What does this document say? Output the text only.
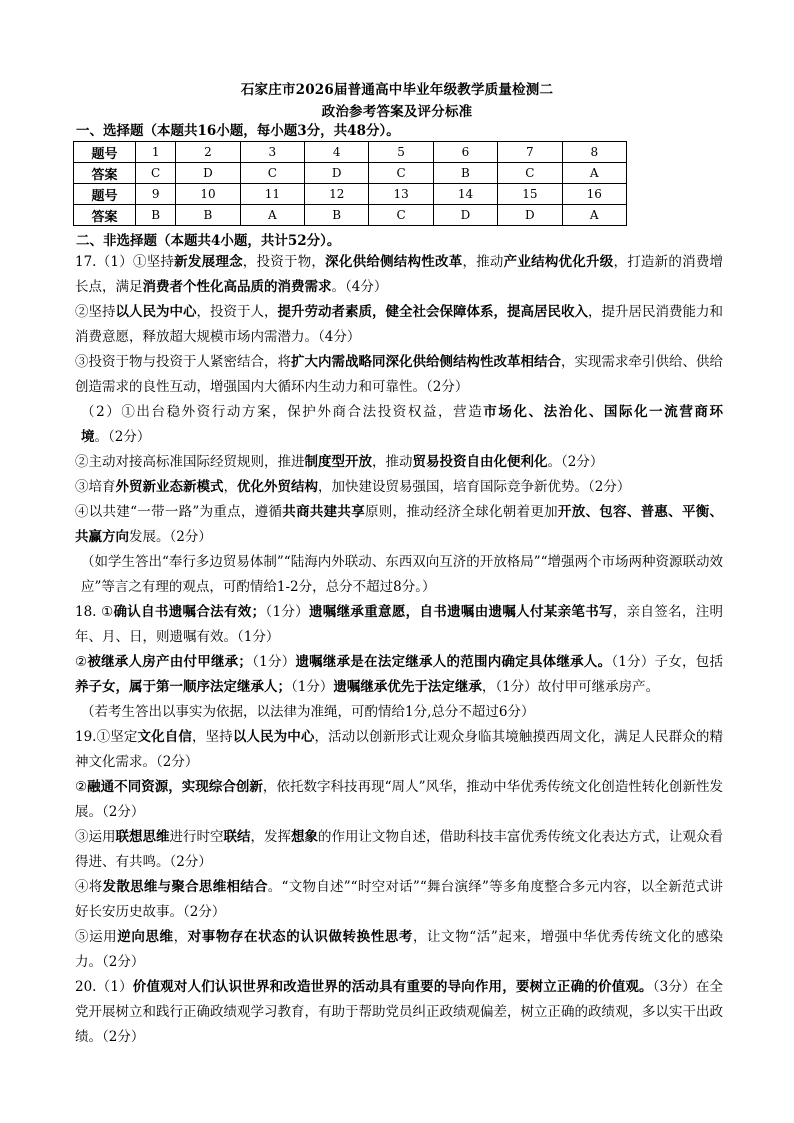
石家庄市2026届普通高中毕业年级教学质量检测二
政治参考答案及评分标准
一、选择题（本题共16小题，每小题3分，共48分）。
题号	1	2	3	4	5	6	7	8
答案	C	D	C	D	C	B	C	A
题号	9	10	11	12	13	14	15	16
答案	B	B	A	B	C	D	D	A
二、非选择题（本题共4小题，共计52分）。

17.（1）①坚持新发展理念，投资于物，深化供给侧结构性改革，推动产业结构优化升级，打造新的消费增长点，满足消费者个性化高品质的消费需求。（4分）

②坚持以人民为中心，投资于人，提升劳动者素质，健全社会保障体系，提高居民收入，提升居民消费能力和消费意愿，释放超大规模市场内需潜力。（4分）

③投资于物与投资于人紧密结合，将扩大内需战略同深化供给侧结构性改革相结合，实现需求牵引供给、供给创造需求的良性互动，增强国内大循环内生动力和可靠性。（2分）

（2）①出台稳外资行动方案，保护外商合法投资权益，营造市场化、法治化、国际化一流营商环境。（2分）

②主动对接高标准国际经贸规则，推进制度型开放，推动贸易投资自由化便利化。（2分）

③培育外贸新业态新模式，优化外贸结构，加快建设贸易强国，培育国际竞争新优势。（2分）

④以共建“一带一路”为重点，遵循共商共建共享原则，推动经济全球化朝着更加开放、包容、普惠、平衡、共赢方向发展。（2分）

（如学生答出“奉行多边贸易体制”“陆海内外联动、东西双向互济的开放格局”“增强两个市场两种资源联动效应”等言之有理的观点，可酌情给1-2分，总分不超过8分。）

18. ①确认自书遗嘱合法有效；（1分）遗嘱继承重意愿，自书遗嘱由遗嘱人付某亲笔书写，亲自签名，注明年、月、日，则遗嘱有效。（1分）

②被继承人房产由付甲继承；（1分）遗嘱继承是在法定继承人的范围内确定具体继承人。（1分）子女，包括养子女，属于第一顺序法定继承人；（1分）遗嘱继承优先于法定继承，（1分）故付甲可继承房产。

（若考生答出以事实为依据，以法律为准绳，可酌情给1分,总分不超过6分）

19.①坚定文化自信，坚持以人民为中心，活动以创新形式让观众身临其境触摸西周文化，满足人民群众的精神文化需求。（2分）

②融通不同资源，实现综合创新，依托数字科技再现“周人”风华，推动中华优秀传统文化创造性转化创新性发展。（2分）

③运用联想思维进行时空联结，发挥想象的作用让文物自述，借助科技丰富优秀传统文化表达方式，让观众看得进、有共鸣。（2分）

④将发散思维与聚合思维相结合。“文物自述”“时空对话”“舞台演绎”等多角度整合多元内容，以全新范式讲好长安历史故事。（2分）

⑤运用逆向思维，对事物存在状态的认识做转换性思考，让文物“活”起来，增强中华优秀传统文化的感染力。（2分）

20.（1）价值观对人们认识世界和改造世界的活动具有重要的导向作用，要树立正确的价值观。（3分）在全党开展树立和践行正确政绩观学习教育，有助于帮助党员纠正政绩观偏差，树立正确的政绩观，多以实干出政绩。（2分）
